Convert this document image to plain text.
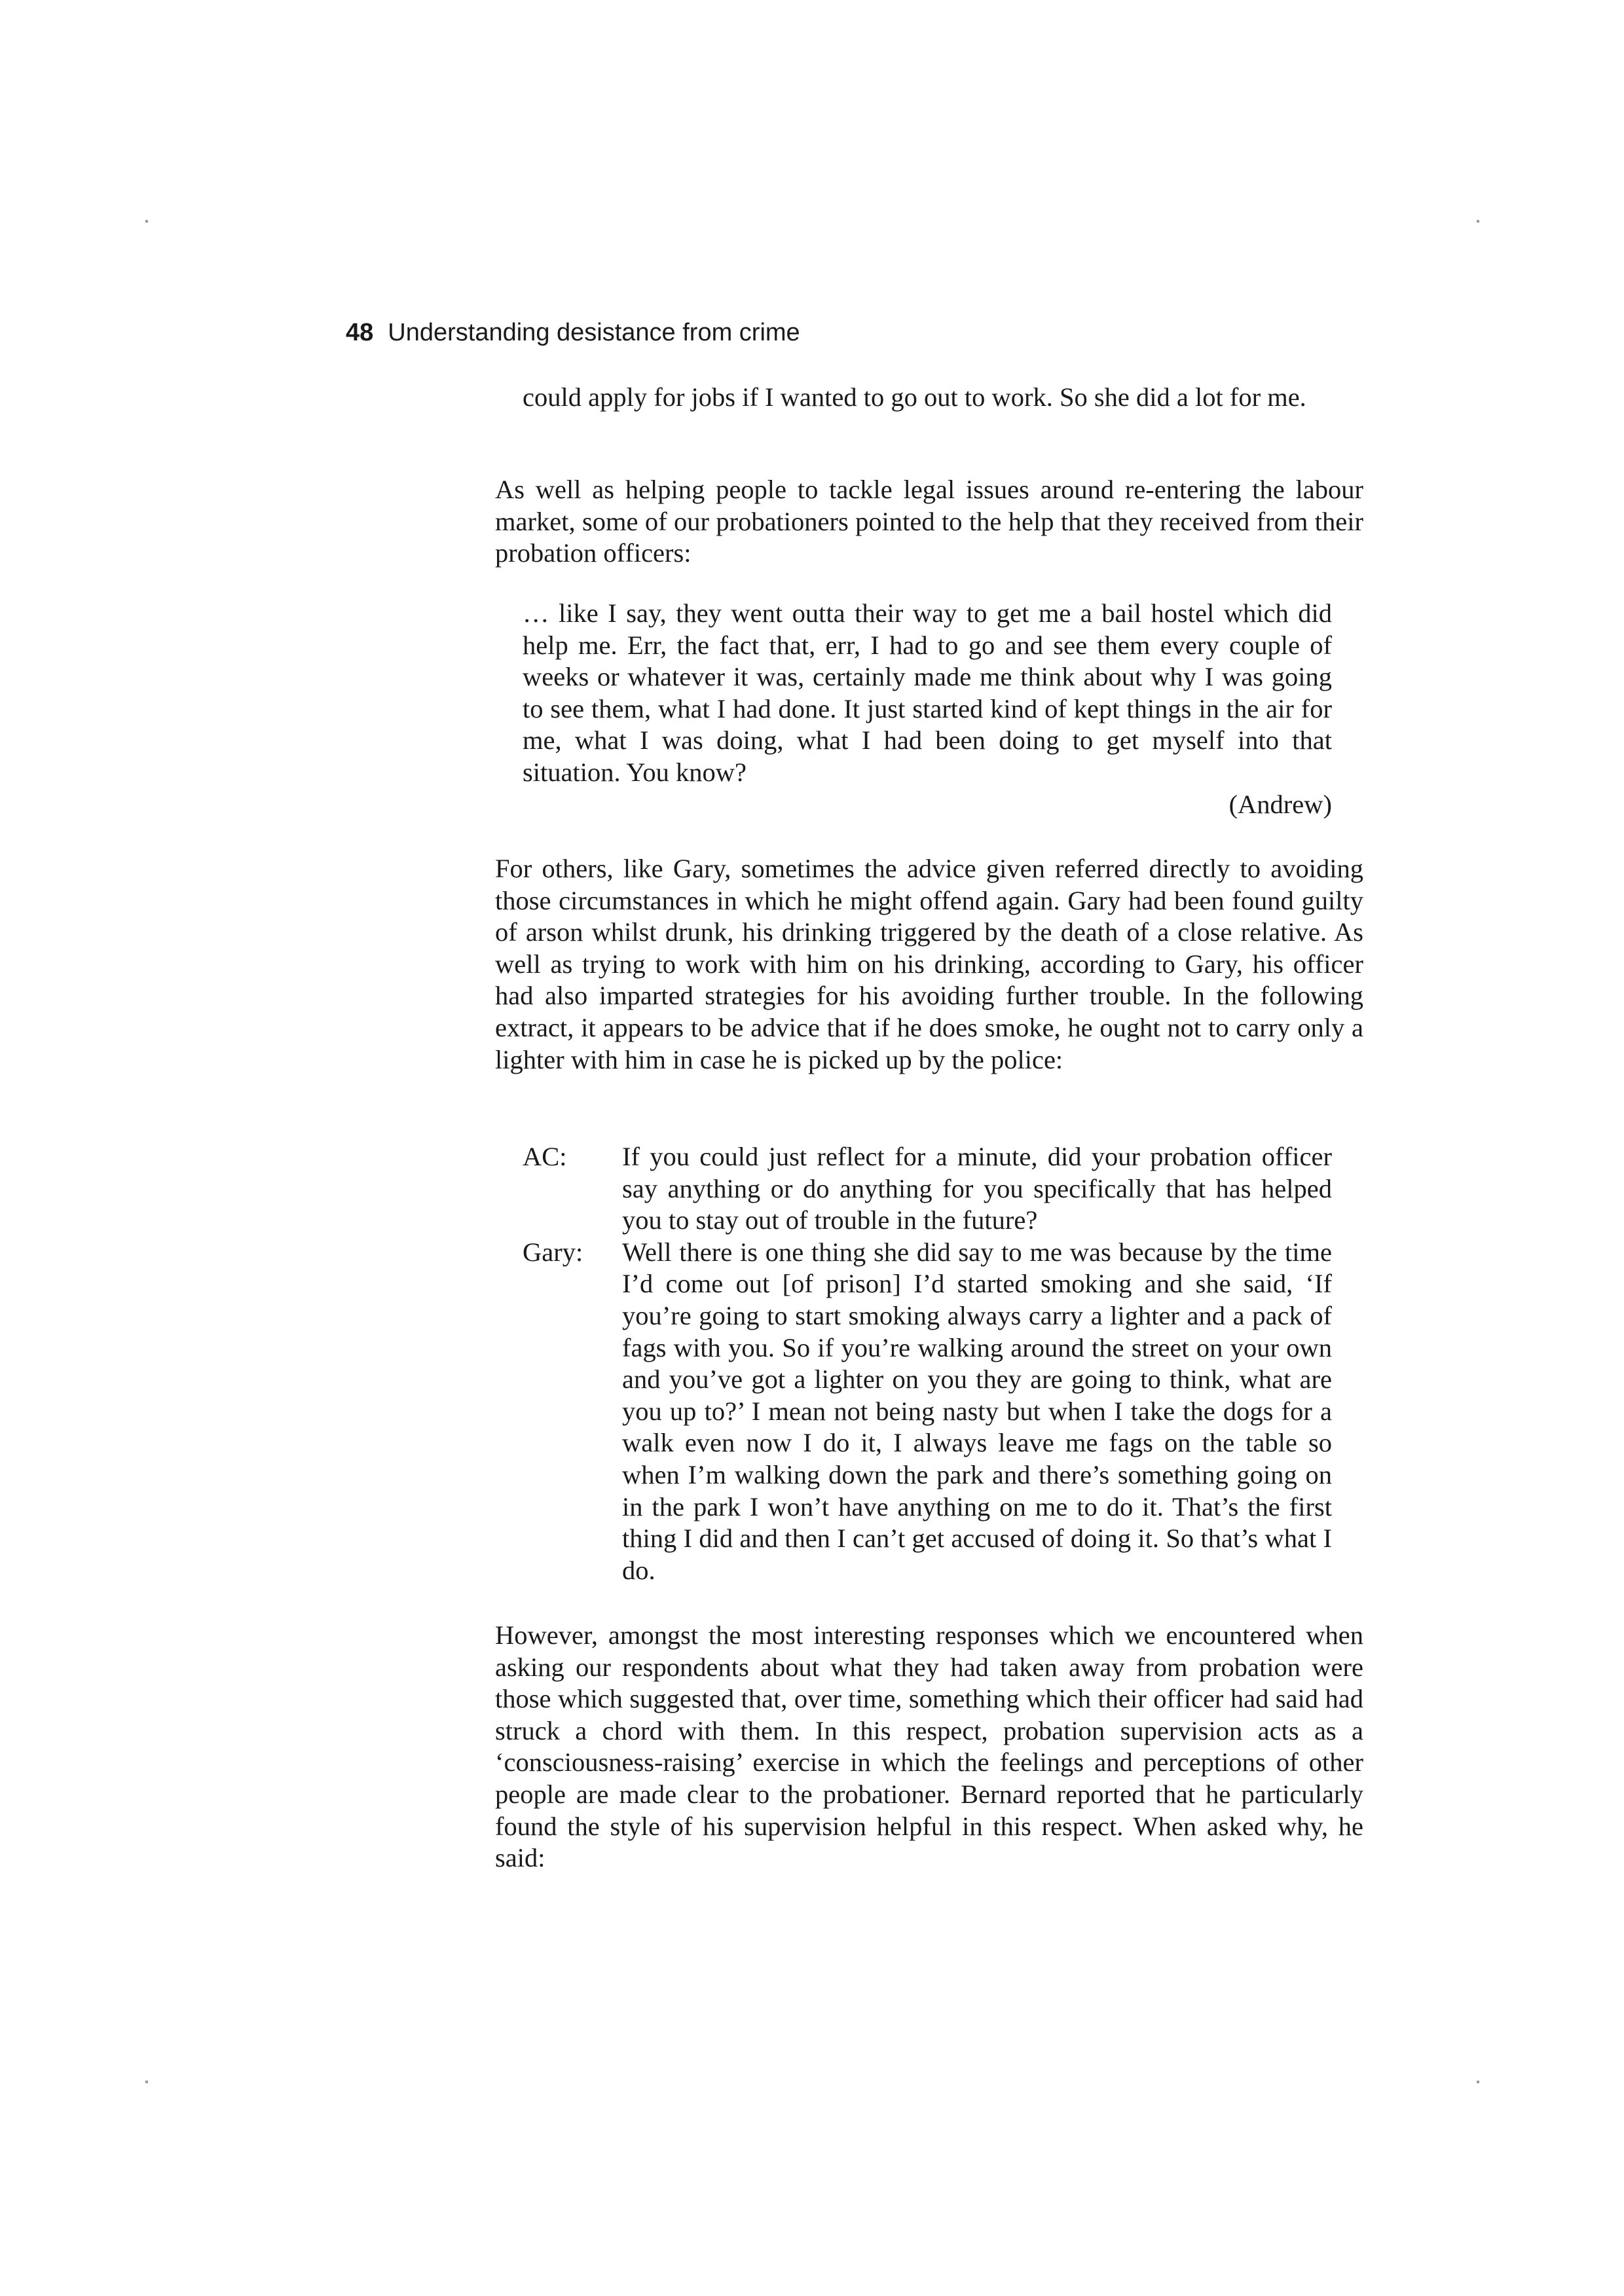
48 Understanding desistance from crime

could apply for jobs if I wanted to go out to work. So she did a lot for me.

As well as helping people to tackle legal issues around re-entering the labour market, some of our probationers pointed to the help that they received from their probation officers:

… like I say, they went outta their way to get me a bail hostel which did help me. Err, the fact that, err, I had to go and see them every couple of weeks or whatever it was, certainly made me think about why I was going to see them, what I had done. It just started kind of kept things in the air for me, what I was doing, what I had been doing to get myself into that situation. You know?

(Andrew)

For others, like Gary, sometimes the advice given referred directly to avoiding those circumstances in which he might offend again. Gary had been found guilty of arson whilst drunk, his drinking triggered by the death of a close relative. As well as trying to work with him on his drinking, according to Gary, his officer had also imparted strategies for his avoiding further trouble. In the following extract, it appears to be advice that if he does smoke, he ought not to carry only a lighter with him in case he is picked up by the police:

AC:	If you could just reflect for a minute, did your probation officer say anything or do anything for you specifically that has helped you to stay out of trouble in the future?
Gary:	Well there is one thing she did say to me was because by the time I’d come out [of prison] I’d started smoking and she said, ‘If you’re going to start smoking always carry a lighter and a pack of fags with you. So if you’re walking around the street on your own and you’ve got a lighter on you they are going to think, what are you up to?’ I mean not being nasty but when I take the dogs for a walk even now I do it, I always leave me fags on the table so when I’m walking down the park and there’s something going on in the park I won’t have anything on me to do it. That’s the first thing I did and then I can’t get accused of doing it. So that’s what I do.

However, amongst the most interesting responses which we encountered when asking our respondents about what they had taken away from probation were those which suggested that, over time, something which their officer had said had struck a chord with them. In this respect, probation supervision acts as a ‘consciousness-raising’ exercise in which the feelings and perceptions of other people are made clear to the probationer. Bernard reported that he particularly found the style of his supervision helpful in this respect. When asked why, he said:
